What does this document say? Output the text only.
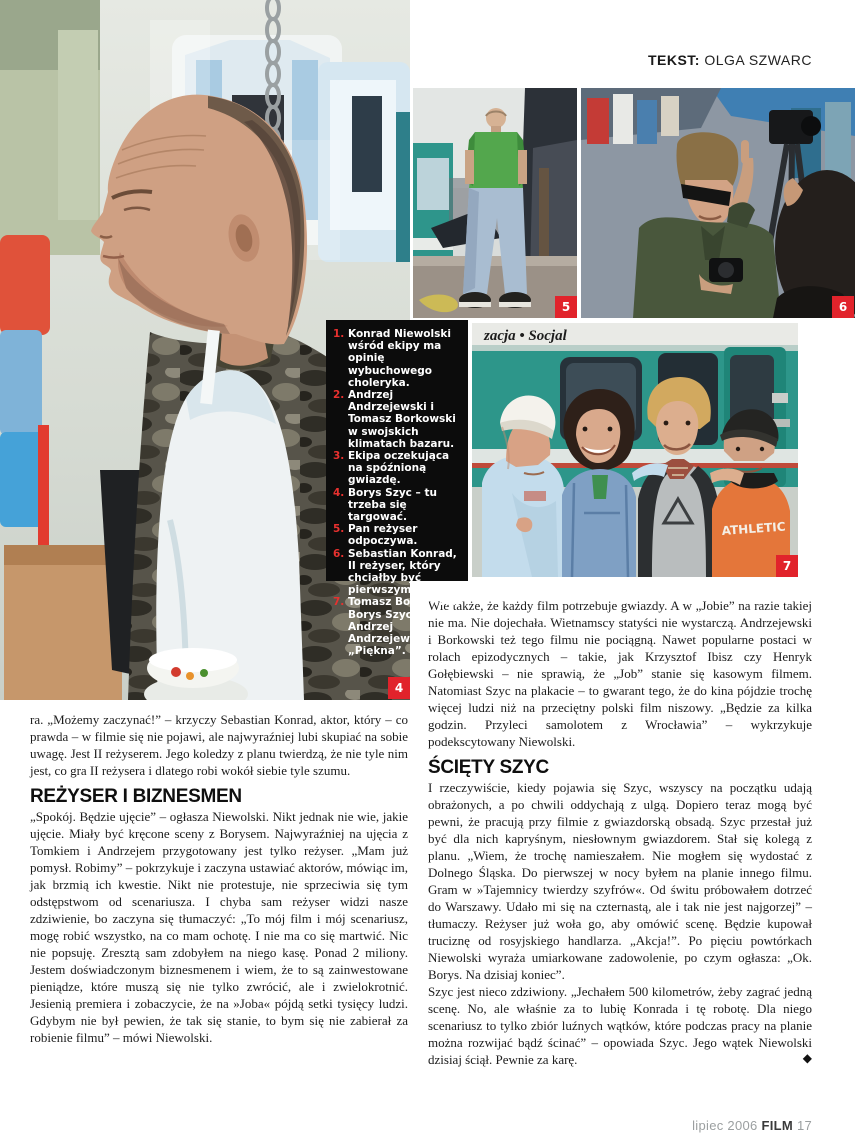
TEKST: OLGA SZWARC
zacja • Socjal
ATHLETIC
1. Konrad Niewolski wśród ekipy ma opinię wybuchowego choleryka.
2. Andrzej Andrzejewski i Tomasz Borkowski w swojskich klimatach bazaru.
3. Ekipa oczekująca na spóźnioną gwiazdę.
4. Borys Szyc – tu trzeba się targować.
5. Pan reżyser odpoczywa.
6. Sebastian Konrad, II reżyser, który chciałby być pierwszym.
7. Tomasz Borkowski, Borys Szyc, Andrzej Andrzejewski i „Piękna”.
4
5	6
7

ra. „Możemy zaczynać!” – krzyczy Sebastian Konrad, aktor, który – co prawda – w filmie się nie pojawi, ale najwyraźniej lubi skupiać na sobie uwagę. Jest II reżyserem. Jego koledzy z planu twierdzą, że nie tyle nim jest, co gra II reżysera i dlatego robi wokół siebie tyle szumu.

REŻYSER I BIZNESMEN

„Spokój. Będzie ujęcie” – ogłasza Niewolski. Nikt jednak nie wie, jakie ujęcie. Miały być kręcone sceny z Borysem. Najwyraźniej na ujęcia z Tomkiem i Andrzejem przygotowany jest tylko reżyser. „Mam już pomysł. Robimy” – pokrzykuje i zaczyna ustawiać aktorów, mówiąc im, jak brzmią ich kwestie. Nikt nie protestuje, nie sprzeciwia się tym odstępstwom od scenariusza. I chyba sam reżyser widzi nasze zdziwienie, bo zaczyna się tłumaczyć: „To mój film i mój scenariusz, mogę robić wszystko, na co mam ochotę. I nie ma co się martwić. Nic nie popsuję. Zresztą sam zdobyłem na niego kasę. Ponad 2 miliony. Jestem doświadczonym biznesmenem i wiem, że to są zainwestowane pieniądze, które muszą się nie tylko zwrócić, ale i zwielokrotnić. Jesienią premiera i zobaczycie, że na »Joba« pójdą setki tysięcy ludzi. Gdybym nie był pewien, że tak się stanie, to bym się nie zabierał za robienie filmu” – mówi Niewolski.

Wie także, że każdy film potrzebuje gwiazdy. A w „Jobie” na razie takiej nie ma. Nie dojechała. Wietnamscy statyści nie wystarczą. Andrzejewski i Borkowski też tego filmu nie pociągną. Nawet popularne postaci w rolach epizodycznych – takie, jak Krzysztof Ibisz czy Henryk Gołębiewski – nie sprawią, że „Job” stanie się kasowym filmem. Natomiast Szyc na plakacie – to gwarant tego, że do kina pójdzie trochę więcej ludzi niż na przeciętny polski film niszowy. „Będzie za kilka godzin. Przyleci samolotem z Wrocławia” – wykrzykuje podekscytowany Niewolski.

ŚCIĘTY SZYC

I rzeczywiście, kiedy pojawia się Szyc, wszyscy na początku udają obrażonych, a po chwili oddychają z ulgą. Dopiero teraz mogą być pewni, że pracują przy filmie z gwiazdorską obsadą. Szyc przestał już być dla nich kapryśnym, niesłownym gwiazdorem. Stał się kolegą z planu. „Wiem, że trochę namieszałem. Nie mogłem się wydostać z Dolnego Śląska. Do pierwszej w nocy byłem na planie innego filmu. Gram w »Tajemnicy twierdzy szyfrów«. Od świtu próbowałem dotrzeć do Warszawy. Udało mi się na czternastą, ale i tak nie jest najgorzej” – tłumaczy. Reżyser już woła go, aby omówić scenę. Będzie kupował truciznę od rosyjskiego handlarza. „Akcja!”. Po pięciu powtórkach Niewolski wyraża umiarkowane zadowolenie, po czym ogłasza: „Ok. Borys. Na dzisiaj koniec”.

Szyc jest nieco zdziwiony. „Jechałem 500 kilometrów, żeby zagrać jedną scenę. No, ale właśnie za to lubię Konrada i tę robotę. Dla niego scenariusz to tylko zbiór luźnych wątków, które podczas pracy na planie można rozwijać bądź ścinać” – opowiada Szyc. Jego wątek Niewolski dzisiaj ściął. Pewnie za karę.	◆

lipiec 2006 FILM 17
